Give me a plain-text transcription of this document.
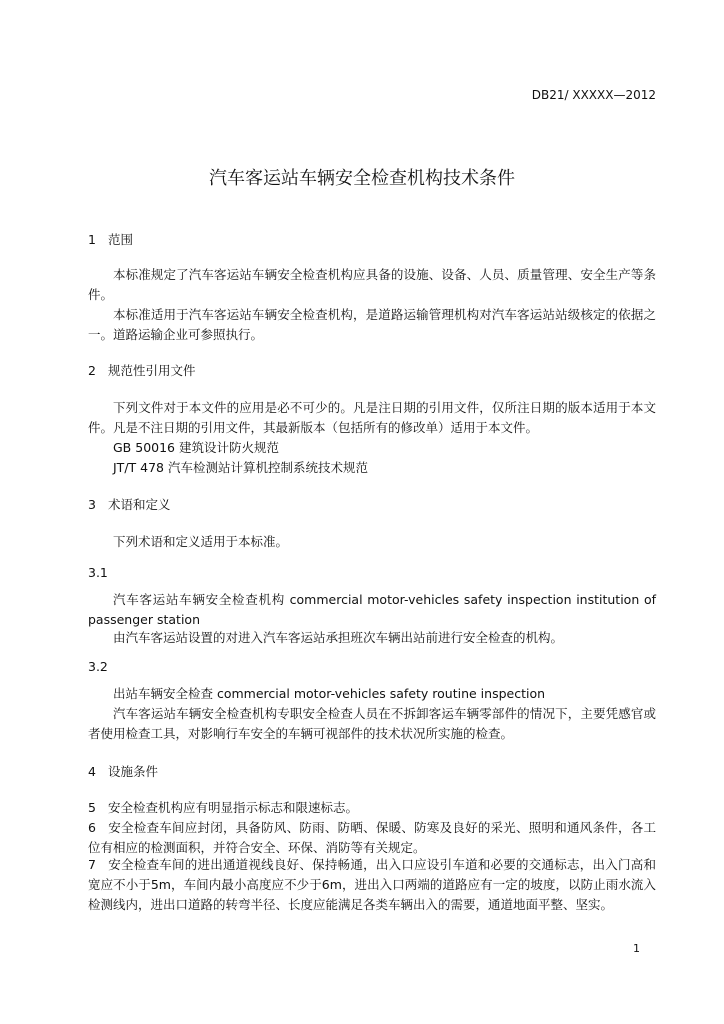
DB21/ XXXXX—2012
汽车客运站车辆安全检查机构技术条件
1 范围
本标准规定了汽车客运站车辆安全检查机构应具备的设施、设备、人员、质量管理、安全生产等条件。
本标准适用于汽车客运站车辆安全检查机构，是道路运输管理机构对汽车客运站站级核定的依据之一。道路运输企业可参照执行。
2 规范性引用文件
下列文件对于本文件的应用是必不可少的。凡是注日期的引用文件，仅所注日期的版本适用于本文件。凡是不注日期的引用文件，其最新版本（包括所有的修改单）适用于本文件。
GB 50016 建筑设计防火规范
JT/T 478 汽车检测站计算机控制系统技术规范
3 术语和定义
下列术语和定义适用于本标准。
3.1
汽车客运站车辆安全检查机构 commercial motor-vehicles safety inspection institution of passenger station
由汽车客运站设置的对进入汽车客运站承担班次车辆出站前进行安全检查的机构。
3.2
出站车辆安全检查 commercial motor-vehicles safety routine inspection
汽车客运站车辆安全检查机构专职安全检查人员在不拆卸客运车辆零部件的情况下，主要凭感官或者使用检查工具，对影响行车安全的车辆可视部件的技术状况所实施的检查。
4 设施条件
5 安全检查机构应有明显指示标志和限速标志。
6 安全检查车间应封闭，具备防风、防雨、防晒、保暖、防寒及良好的采光、照明和通风条件，各工位有相应的检测面积，并符合安全、环保、消防等有关规定。
7 安全检查车间的进出通道视线良好、保持畅通，出入口应设引车道和必要的交通标志，出入门高和宽应不小于5m，车间内最小高度应不少于6m，进出入口两端的道路应有一定的坡度，以防止雨水流入检测线内，进出口道路的转弯半径、长度应能满足各类车辆出入的需要，通道地面平整、坚实。
1
